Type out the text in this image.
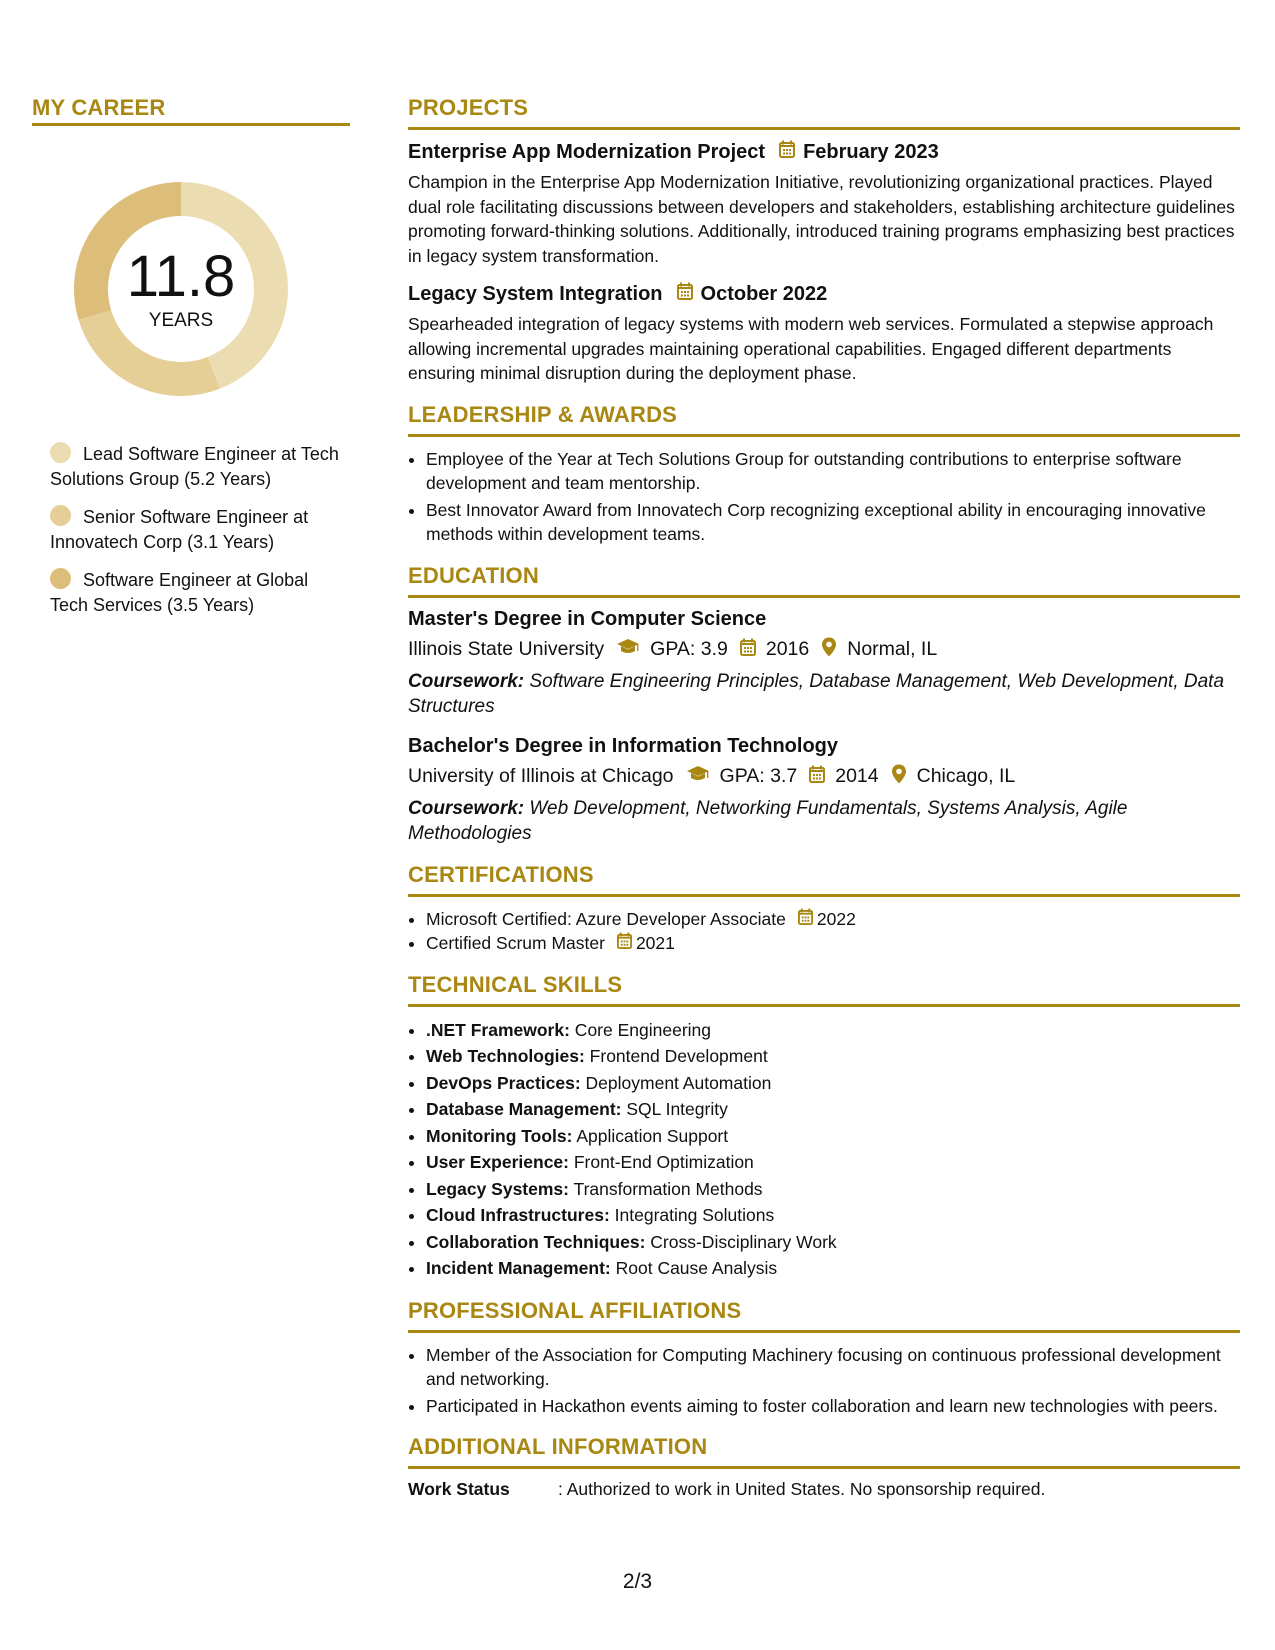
MY CAREER
11.8
YEARS
Lead Software Engineer at Tech Solutions Group (5.2 Years)
Senior Software Engineer at Innovatech Corp (3.1 Years)
Software Engineer at Global Tech Services (3.5 Years)
PROJECTS
Enterprise App Modernization Project February 2023

Champion in the Enterprise App Modernization Initiative, revolutionizing organizational practices. Played dual role facilitating discussions between developers and stakeholders, establishing architecture guidelines promoting forward-thinking solutions. Additionally, introduced training programs emphasizing best practices in legacy system transformation.

Legacy System Integration October 2022

Spearheaded integration of legacy systems with modern web services. Formulated a stepwise approach allowing incremental upgrades maintaining operational capabilities. Engaged different departments ensuring minimal disruption during the deployment phase.

LEADERSHIP & AWARDS
• Employee of the Year at Tech Solutions Group for outstanding contributions to enterprise software development and team mentorship.
• Best Innovator Award from Innovatech Corp recognizing exceptional ability in encouraging innovative methods within development teams.
EDUCATION
Master's Degree in Computer Science
Illinois State University GPA: 3.9 2016 Normal, IL

Coursework: Software Engineering Principles, Database Management, Web Development, Data Structures

Bachelor's Degree in Information Technology
University of Illinois at Chicago GPA: 3.7 2014 Chicago, IL

Coursework: Web Development, Networking Fundamentals, Systems Analysis, Agile Methodologies

CERTIFICATIONS
• Microsoft Certified: Azure Developer Associate 2022
• Certified Scrum Master 2021
TECHNICAL SKILLS
• .NET Framework: Core Engineering
• Web Technologies: Frontend Development
• DevOps Practices: Deployment Automation
• Database Management: SQL Integrity
• Monitoring Tools: Application Support
• User Experience: Front-End Optimization
• Legacy Systems: Transformation Methods
• Cloud Infrastructures: Integrating Solutions
• Collaboration Techniques: Cross-Disciplinary Work
• Incident Management: Root Cause Analysis
PROFESSIONAL AFFILIATIONS
• Member of the Association for Computing Machinery focusing on continuous professional development and networking.
• Participated in Hackathon events aiming to foster collaboration and learn new technologies with peers.
ADDITIONAL INFORMATION
Work Status	: Authorized to work in United States. No sponsorship required.
2/3
